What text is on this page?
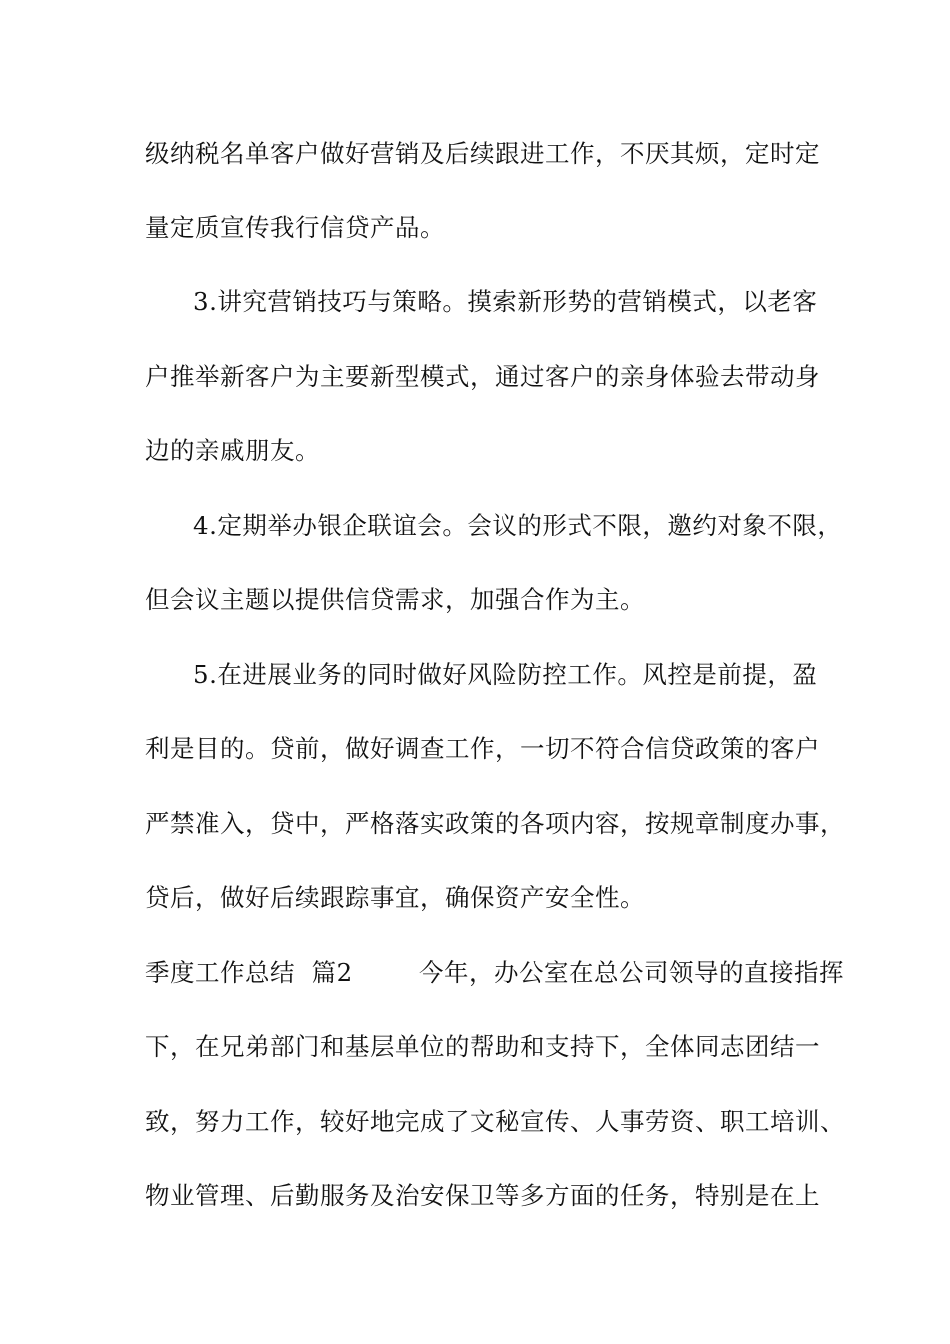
级纳税名单客户做好营销及后续跟进工作，不厌其烦，定时定
量定质宣传我行信贷产品。
3.讲究营销技巧与策略。摸索新形势的营销模式，以老客
户推举新客户为主要新型模式，通过客户的亲身体验去带动身
边的亲戚朋友。
4.定期举办银企联谊会。会议的形式不限，邀约对象不限，
但会议主题以提供信贷需求，加强合作为主。
5.在进展业务的同时做好风险防控工作。风控是前提，盈
利是目的。贷前，做好调查工作，一切不符合信贷政策的客户
严禁准入，贷中，严格落实政策的各项内容，按规章制度办事，
贷后，做好后续跟踪事宜，确保资产安全性。
季度工作总结  篇2        今年，办公室在总公司领导的直接指挥
下，在兄弟部门和基层单位的帮助和支持下，全体同志团结一
致，努力工作，较好地完成了文秘宣传、人事劳资、职工培训、
物业管理、后勤服务及治安保卫等多方面的任务，特别是在上
